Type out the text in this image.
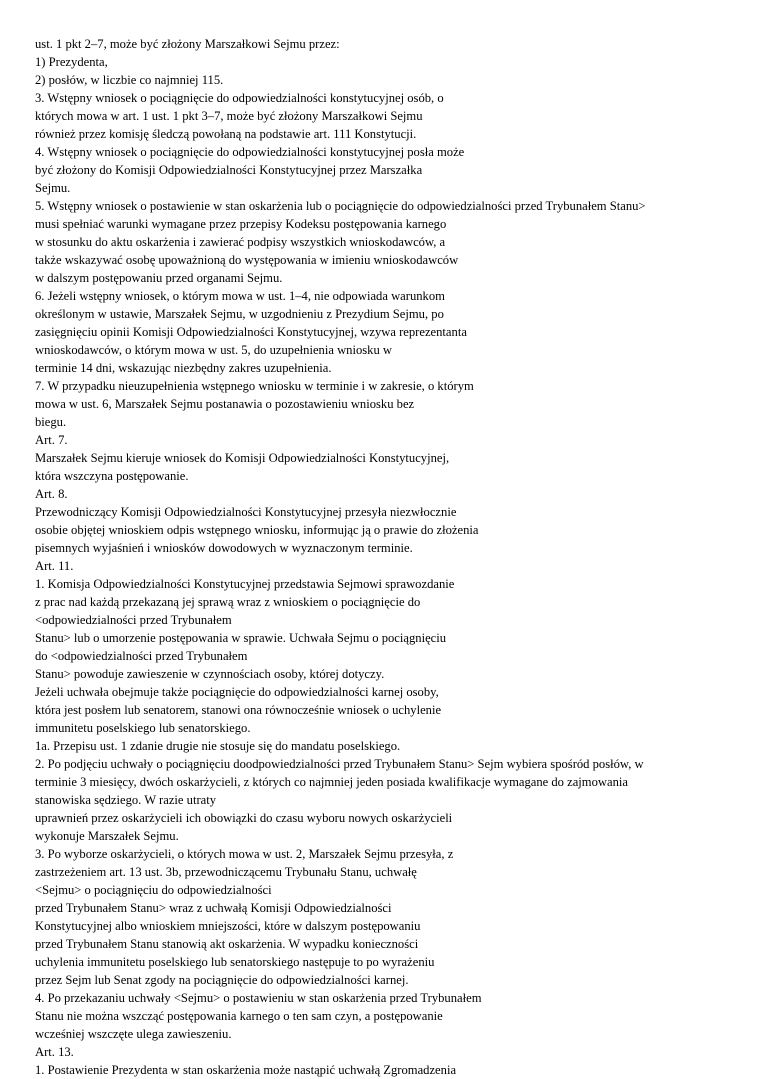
ust. 1 pkt 2–7, może być złożony Marszałkowi Sejmu przez:
1) Prezydenta,
2) posłów, w liczbie co najmniej 115.
3. Wstępny wniosek o pociągnięcie do odpowiedzialności konstytucyjnej osób, o
których mowa w art. 1 ust. 1 pkt 3–7, może być złożony Marszałkowi Sejmu
również przez komisję śledczą powołaną na podstawie art. 111 Konstytucji.
4. Wstępny wniosek o pociągnięcie do odpowiedzialności konstytucyjnej posła może
być złożony do Komisji Odpowiedzialności Konstytucyjnej przez Marszałka
Sejmu.
5. Wstępny wniosek o postawienie w stan oskarżenia lub o pociągnięcie do odpowiedzialności przed Trybunałem Stanu>
musi spełniać warunki wymagane przez przepisy Kodeksu postępowania karnego
w stosunku do aktu oskarżenia i zawierać podpisy wszystkich wnioskodawców, a
także wskazywać osobę upoważnioną do występowania w imieniu wnioskodawców
w dalszym postępowaniu przed organami Sejmu.
6. Jeżeli wstępny wniosek, o którym mowa w ust. 1–4, nie odpowiada warunkom
określonym w ustawie, Marszałek Sejmu, w uzgodnieniu z Prezydium Sejmu, po
zasięgnięciu opinii Komisji Odpowiedzialności Konstytucyjnej, wzywa reprezentanta
wnioskodawców, o którym mowa w ust. 5, do uzupełnienia wniosku w
terminie 14 dni, wskazując niezbędny zakres uzupełnienia.
7. W przypadku nieuzupełnienia wstępnego wniosku w terminie i w zakresie, o którym
mowa w ust. 6, Marszałek Sejmu postanawia o pozostawieniu wniosku bez
biegu.
Art. 7.
Marszałek Sejmu kieruje wniosek do Komisji Odpowiedzialności Konstytucyjnej,
która wszczyna postępowanie.
Art. 8.
Przewodniczący Komisji Odpowiedzialności Konstytucyjnej przesyła niezwłocznie
osobie objętej wnioskiem odpis wstępnego wniosku, informując ją o prawie do złożenia
pisemnych wyjaśnień i wniosków dowodowych w wyznaczonym terminie.
Art. 11.
1. Komisja Odpowiedzialności Konstytucyjnej przedstawia Sejmowi sprawozdanie
z prac nad każdą przekazaną jej sprawą wraz z wnioskiem o pociągnięcie do
<odpowiedzialności przed Trybunałem
Stanu> lub o umorzenie postępowania w sprawie. Uchwała Sejmu o pociągnięciu
do <odpowiedzialności przed Trybunałem
Stanu> powoduje zawieszenie w czynnościach osoby, której dotyczy.
Jeżeli uchwała obejmuje także pociągnięcie do odpowiedzialności karnej osoby,
która jest posłem lub senatorem, stanowi ona równocześnie wniosek o uchylenie
immunitetu poselskiego lub senatorskiego.
1a. Przepisu ust. 1 zdanie drugie nie stosuje się do mandatu poselskiego.
2. Po podjęciu uchwały o pociągnięciu doodpowiedzialności przed Trybunałem Stanu> Sejm wybiera spośród posłów, w
terminie 3 miesięcy, dwóch oskarżycieli, z których co najmniej jeden posiada kwalifikacje wymagane do zajmowania
stanowiska sędziego. W razie utraty
uprawnień przez oskarżycieli ich obowiązki do czasu wyboru nowych oskarżycieli
wykonuje Marszałek Sejmu.
3. Po wyborze oskarżycieli, o których mowa w ust. 2, Marszałek Sejmu przesyła, z
zastrzeżeniem art. 13 ust. 3b, przewodniczącemu Trybunału Stanu, uchwałę
<Sejmu> o pociągnięciu do odpowiedzialności
przed Trybunałem Stanu> wraz z uchwałą Komisji Odpowiedzialności
Konstytucyjnej albo wnioskiem mniejszości, które w dalszym postępowaniu
przed Trybunałem Stanu stanowią akt oskarżenia. W wypadku konieczności
uchylenia immunitetu poselskiego lub senatorskiego następuje to po wyrażeniu
przez Sejm lub Senat zgody na pociągnięcie do odpowiedzialności karnej.
4. Po przekazaniu uchwały <Sejmu> o postawieniu w stan oskarżenia przed Trybunałem
Stanu nie można wszcząć postępowania karnego o ten sam czyn, a postępowanie
wcześniej wszczęte ulega zawieszeniu.
Art. 13.
1. Postawienie Prezydenta w stan oskarżenia może nastąpić uchwałą Zgromadzenia
